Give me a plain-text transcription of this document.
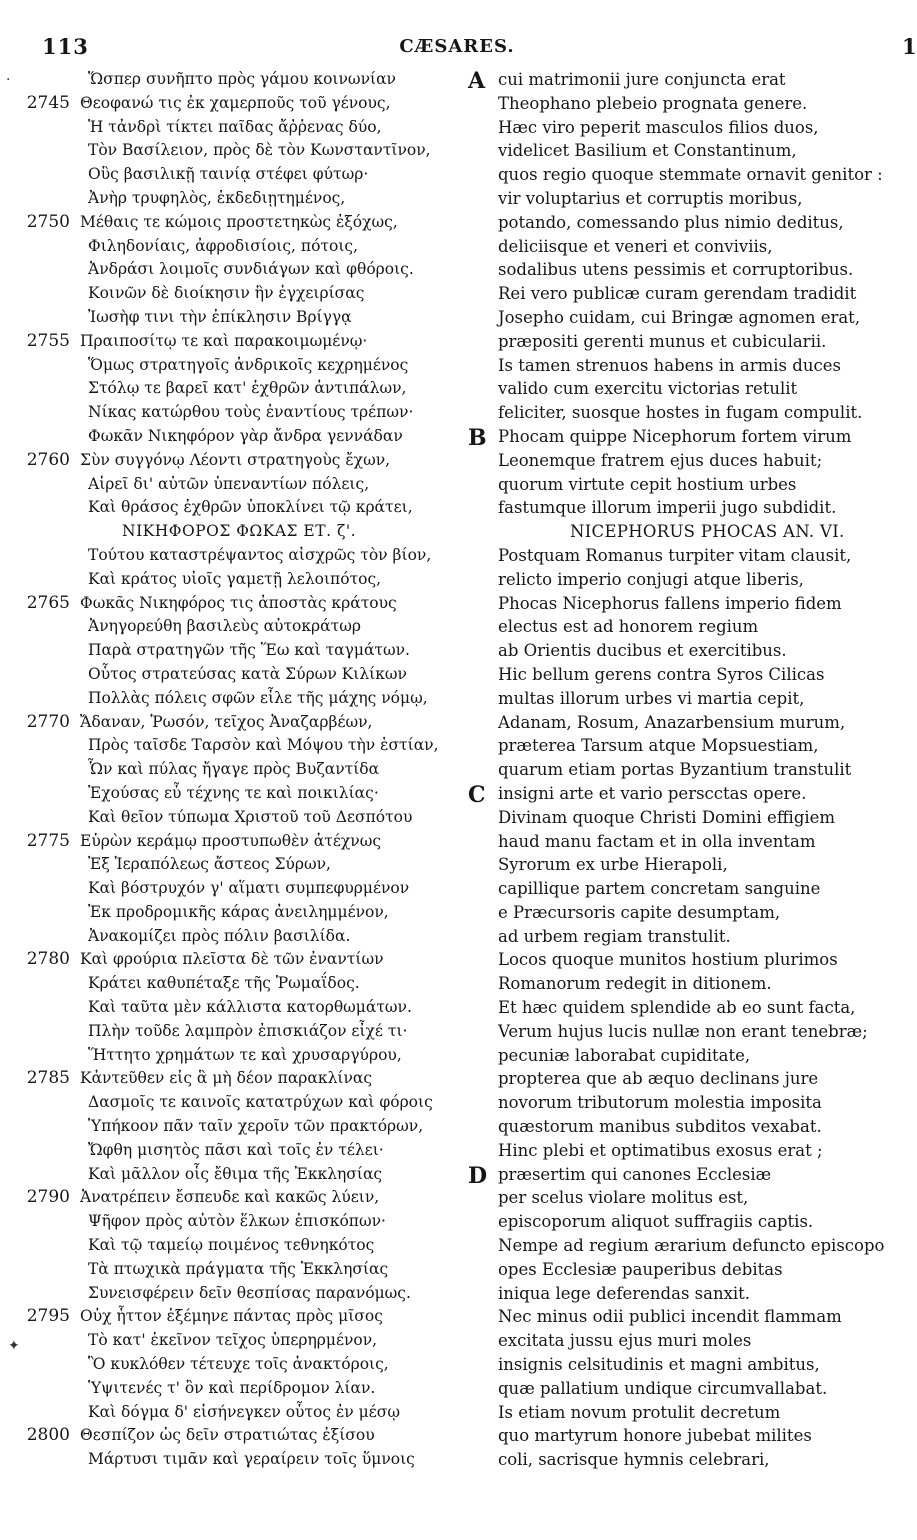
113	CÆSARES.	1
Ὥσπερ συνῆπτο πρὸς γάμου κοινωνίαν
2745 Θεοφανώ τις ἐκ χαμερποῦς τοῦ γένους,
Ἡ τἀνδρὶ τίκτει παῖδας ἄῤῥενας δύο,
Τὸν Βασίλειον, πρὸς δὲ τὸν Κωνσταντῖνον,
Οὓς βασιλικῇ ταινίᾳ στέφει φύτωρ·
Ἀνὴρ τρυφηλὸς, ἐκδεδιῃτημένος,
2750 Μέθαις τε κώμοις προστετηκὼς ἐξόχως,
Φιληδονίαις, ἀφροδισίοις, πότοις,
Ἀνδράσι λοιμοῖς συνδιάγων καὶ φθόροις.
Κοινῶν δὲ διοίκησιν ἣν ἐγχειρίσας
Ἰωσὴφ τινι τὴν ἐπίκλησιν Βρίγγᾳ
2755 Πραιποσίτῳ τε καὶ παρακοιμωμένῳ·
Ὅμως στρατηγοῖς ἀνδρικοῖς κεχρημένος
Στόλῳ τε βαρεῖ κατ' ἐχθρῶν ἀντιπάλων,
Νίκας κατώρθου τοὺς ἐναντίους τρέπων·
Φωκᾶν Νικηφόρον γὰρ ἄνδρα γεννάδαν
2760 Σὺν συγγόνῳ Λέοντι στρατηγοὺς ἔχων,
Αἱρεῖ δι' αὐτῶν ὑπεναντίων πόλεις,
Καὶ θράσος ἐχθρῶν ὑποκλίνει τῷ κράτει,
ΝΙΚΗΦΟΡΟΣ ΦΩΚΑΣ ΕΤ. ζ'.
Τούτου καταστρέψαντος αἰσχρῶς τὸν βίον,
Καὶ κράτος υἱοῖς γαμετῇ λελοιπότος,
2765 Φωκᾶς Νικηφόρος τις ἀποστὰς κράτους
Ἀνηγορεύθη βασιλεὺς αὐτοκράτωρ
Παρὰ στρατηγῶν τῆς Ἕω καὶ ταγμάτων.
Οὗτος στρατεύσας κατὰ Σύρων Κιλίκων
Πολλὰς πόλεις σφῶν εἷλε τῆς μάχης νόμῳ,
2770 Ἄδαναν, Ῥωσόν, τεῖχος Ἀναζαρβέων,
Πρὸς ταῖσδε Ταρσὸν καὶ Μόψου τὴν ἑστίαν,
Ὧν καὶ πύλας ἤγαγε πρὸς Βυζαντίδα
Ἐχούσας εὖ τέχνης τε καὶ ποικιλίας·
Καὶ θεῖον τύπωμα Χριστοῦ τοῦ Δεσπότου
2775 Εὑρὼν κεράμῳ προστυπωθὲν ἀτέχνως
Ἐξ Ἱεραπόλεως ἄστεος Σύρων,
Καὶ βόστρυχόν γ' αἵματι συμπεφυρμένον
Ἐκ προδρομικῆς κάρας ἀνειλημμένον,
Ἀνακομίζει πρὸς πόλιν βασιλίδα.
2780 Καὶ φρούρια πλεῖστα δὲ τῶν ἐναντίων
Κράτει καθυπέταξε τῆς Ῥωμαΐδος.
Καὶ ταῦτα μὲν κάλλιστα κατορθωμάτων.
Πλὴν τοῦδε λαμπρὸν ἐπισκιάζον εἶχέ τι·
Ἥττητο χρημάτων τε καὶ χρυσαργύρου,
2785 Κἀντεῦθεν εἰς ἃ μὴ δέον παρακλίνας
Δασμοῖς τε καινοῖς κατατρύχων καὶ φόροις
Ὑπήκοον πᾶν ταῖν χεροῖν τῶν πρακτόρων,
Ὤφθη μισητὸς πᾶσι καὶ τοῖς ἐν τέλει·
Καὶ μᾶλλον οἷς ἔθιμα τῆς Ἐκκλησίας
2790 Ἀνατρέπειν ἔσπευδε καὶ κακῶς λύειν,
Ψῆφον πρὸς αὐτὸν ἕλκων ἐπισκόπων·
Καὶ τῷ ταμείῳ ποιμένος τεθνηκότος
Τὰ πτωχικὰ πράγματα τῆς Ἐκκλησίας
Συνεισφέρειν δεῖν θεσπίσας παρανόμως.
2795 Οὐχ ἧττον ἐξέμηνε πάντας πρὸς μῖσος
Τὸ κατ' ἐκεῖνον τεῖχος ὑπερηρμένον,
Ὃ κυκλόθεν τέτευχε τοῖς ἀνακτόροις,
Ὑψιτενές τ' ὂν καὶ περίδρομον λίαν.
Καὶ δόγμα δ' εἰσήνεγκεν οὗτος ἐν μέσῳ
2800 Θεσπίζον ὡς δεῖν στρατιώτας ἐξίσου
Μάρτυσι τιμᾶν καὶ γεραίρειν τοῖς ὕμνοις
A cui matrimonii jure conjuncta erat
Theophano plebeio prognata genere.
Hæc viro peperit masculos filios duos,
videlicet Basilium et Constantinum,
quos regio quoque stemmate ornavit genitor :
vir voluptarius et corruptis moribus,
potando, comessando plus nimio deditus,
deliciisque et veneri et conviviis,
sodalibus utens pessimis et corruptoribus.
Rei vero publicæ curam gerendam tradidit
Josepho cuidam, cui Bringæ agnomen erat,
præpositi gerenti munus et cubicularii.
Is tamen strenuos habens in armis duces
valido cum exercitu victorias retulit
feliciter, suosque hostes in fugam compulit.
B Phocam quippe Nicephorum fortem virum
Leonemque fratrem ejus duces habuit;
quorum virtute cepit hostium urbes
fastumque illorum imperii jugo subdidit.
NICEPHORUS PHOCAS AN. VI.
Postquam Romanus turpiter vitam clausit,
relicto imperio conjugi atque liberis,
Phocas Nicephorus fallens imperio fidem
electus est ad honorem regium
ab Orientis ducibus et exercitibus.
Hic bellum gerens contra Syros Cilicas
multas illorum urbes vi martia cepit,
Adanam, Rosum, Anazarbensium murum,
præterea Tarsum atque Mopsuestiam,
quarum etiam portas Byzantium transtulit
C insigni arte et vario perscctas opere.
Divinam quoque Christi Domini effigiem
haud manu factam et in olla inventam
Syrorum ex urbe Hierapoli,
capillique partem concretam sanguine
e Præcursoris capite desumptam,
ad urbem regiam transtulit.
Locos quoque munitos hostium plurimos
Romanorum redegit in ditionem.
Et hæc quidem splendide ab eo sunt facta,
Verum hujus lucis nullæ non erant tenebræ;
pecuniæ laborabat cupiditate,
propterea que ab æquo declinans jure
novorum tributorum molestia imposita
quæstorum manibus subditos vexabat.
Hinc plebi et optimatibus exosus erat ;
D præsertim qui canones Ecclesiæ
per scelus violare molitus est,
episcoporum aliquot suffragiis captis.
Nempe ad regium ærarium defuncto episcopo
opes Ecclesiæ pauperibus debitas
iniqua lege deferendas sanxit.
Nec minus odii publici incendit flammam
excitata jussu ejus muri moles
insignis celsitudinis et magni ambitus,
quæ pallatium undique circumvallabat.
Is etiam novum protulit decretum
quo martyrum honore jubebat milites
coli, sacrisque hymnis celebrari,
·
✦
